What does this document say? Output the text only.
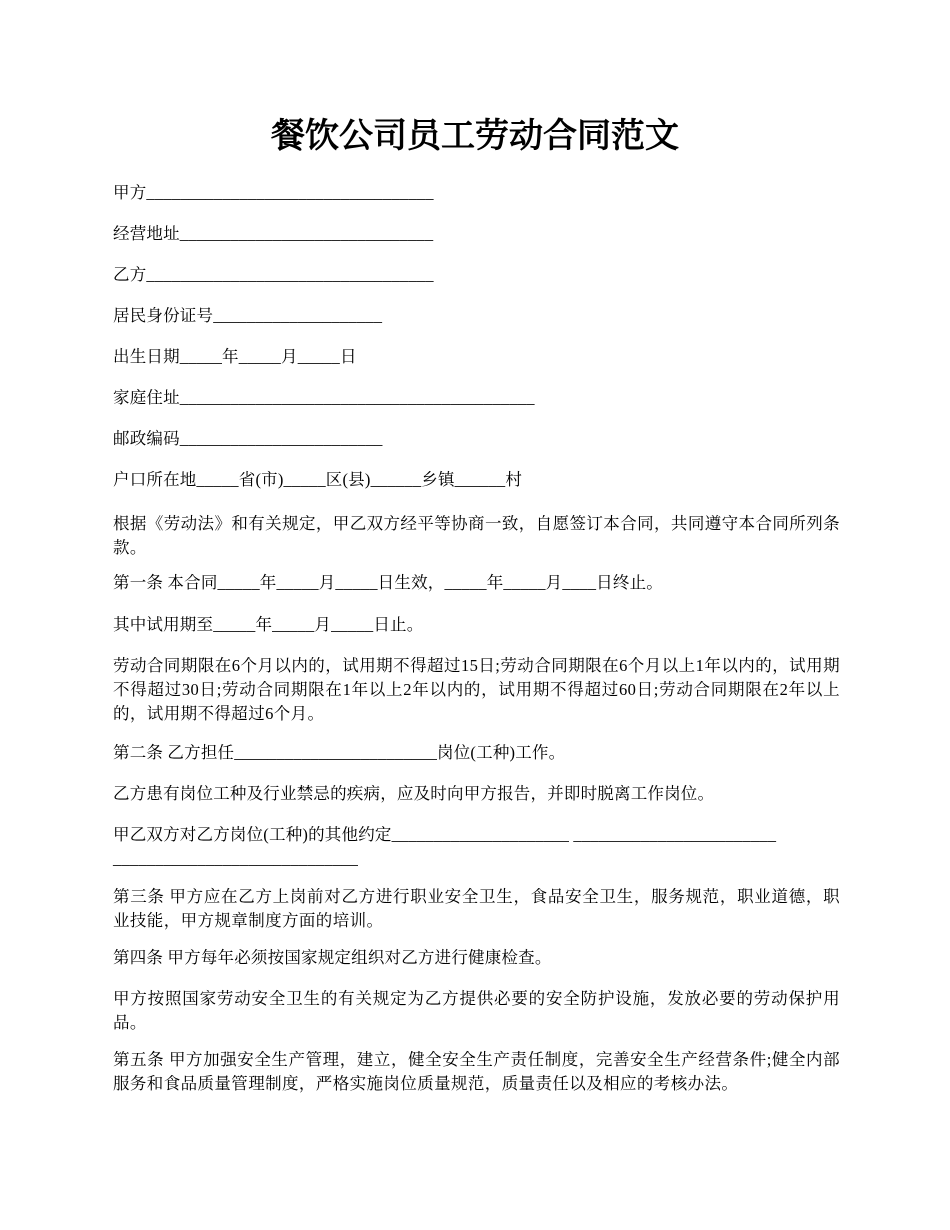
餐饮公司员工劳动合同范文

甲方__________________________________

经营地址______________________________

乙方__________________________________

居民身份证号____________________

出生日期_____年_____月_____日

家庭住址__________________________________________

邮政编码________________________

户口所在地_____省(市)_____区(县)______乡镇______村

根据《劳动法》和有关规定，甲乙双方经平等协商一致，自愿签订本合同，共同遵守本合同所列条款。

第一条 本合同_____年_____月_____日生效，_____年_____月____日终止。

其中试用期至_____年_____月_____日止。

劳动合同期限在6个月以内的，试用期不得超过15日;劳动合同期限在6个月以上1年以内的，试用期不得超过30日;劳动合同期限在1年以上2年以内的，试用期不得超过60日;劳动合同期限在2年以上的，试用期不得超过6个月。

第二条 乙方担任________________________岗位(工种)工作。

乙方患有岗位工种及行业禁忌的疾病，应及时向甲方报告，并即时脱离工作岗位。

甲乙双方对乙方岗位(工种)的其他约定_____________________ ________________________

_____________________________

第三条 甲方应在乙方上岗前对乙方进行职业安全卫生，食品安全卫生，服务规范，职业道德，职业技能，甲方规章制度方面的培训。

第四条 甲方每年必须按国家规定组织对乙方进行健康检查。

甲方按照国家劳动安全卫生的有关规定为乙方提供必要的安全防护设施，发放必要的劳动保护用品。

第五条 甲方加强安全生产管理，建立，健全安全生产责任制度，完善安全生产经营条件;健全内部服务和食品质量管理制度，严格实施岗位质量规范，质量责任以及相应的考核办法。
